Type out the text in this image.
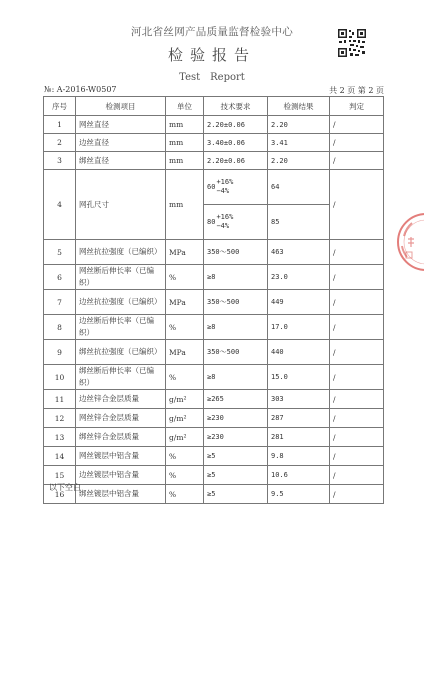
河北省丝网产品质量监督检验中心
检验报告
Test　Report
№: A-2016-W0507	共 2 页 第 2 页
序号	检测项目	单位	技术要求	检测结果	判定
1	网丝直径	mm	2.20±0.06	2.20	/
2	边丝直径	mm	3.40±0.06	3.41	/
3	绑丝直径	mm	2.20±0.06	2.20	/
4	网孔尺寸	mm	60
+16%
−4%	64	/

			80
+16%
−4%	85	
5	网丝抗拉强度（已编织）	MPa	350～500	463	/
6	网丝断后伸长率（已编织）	%	≥8	23.0	/
7	边丝抗拉强度（已编织）	MPa	350～500	449	/
8	边丝断后伸长率（已编织）	%	≥8	17.0	/
9	绑丝抗拉强度（已编织）	MPa	350～500	440	/
10	绑丝断后伸长率（已编织）	%	≥8	15.0	/
11	边丝锌合金层质量	g/m²	≥265	303	/
12	网丝锌合金层质量	g/m²	≥230	287	/
13	绑丝锌合金层质量	g/m²	≥230	281	/
14	网丝镀层中铝含量	%	≥5	9.8	/
15	边丝镀层中铝含量	%	≥5	10.6	/
16	绑丝镀层中铝含量	%	≥5	9.5	/
以下空白
